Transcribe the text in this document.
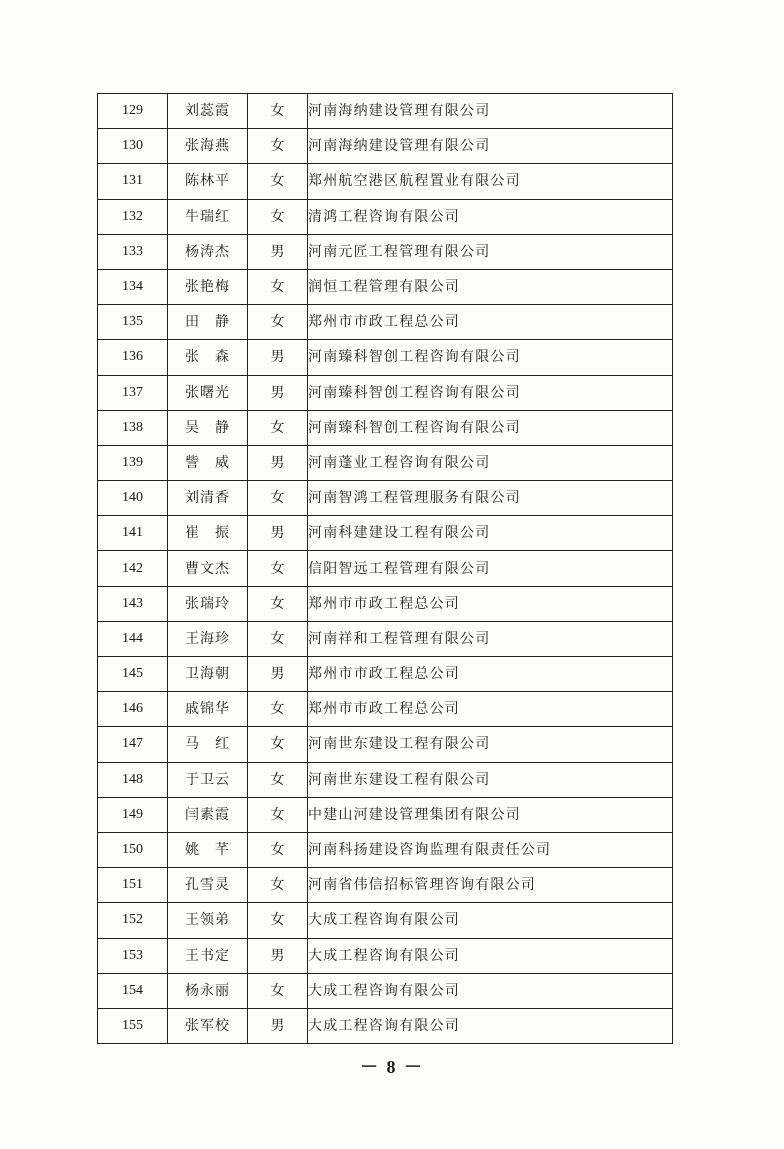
129	刘蕊霞	女	河南海纳建设管理有限公司
130	张海燕	女	河南海纳建设管理有限公司
131	陈林平	女	郑州航空港区航程置业有限公司
132	牛瑞红	女	清鸿工程咨询有限公司
133	杨涛杰	男	河南元匠工程管理有限公司
134	张艳梅	女	润恒工程管理有限公司
135	田　静	女	郑州市市政工程总公司
136	张　森	男	河南臻科智创工程咨询有限公司
137	张曙光	男	河南臻科智创工程咨询有限公司
138	吴　静	女	河南臻科智创工程咨询有限公司
139	訾　威	男	河南蓬业工程咨询有限公司
140	刘清香	女	河南智鸿工程管理服务有限公司
141	崔　振	男	河南科建建设工程有限公司
142	曹文杰	女	信阳智远工程管理有限公司
143	张瑞玲	女	郑州市市政工程总公司
144	王海珍	女	河南祥和工程管理有限公司
145	卫海朝	男	郑州市市政工程总公司
146	戚锦华	女	郑州市市政工程总公司
147	马　红	女	河南世东建设工程有限公司
148	于卫云	女	河南世东建设工程有限公司
149	闫素霞	女	中建山河建设管理集团有限公司
150	姚　芊	女	河南科扬建设咨询监理有限责任公司
151	孔雪灵	女	河南省伟信招标管理咨询有限公司
152	王领弟	女	大成工程咨询有限公司
153	王书定	男	大成工程咨询有限公司
154	杨永丽	女	大成工程咨询有限公司
155	张军校	男	大成工程咨询有限公司
－ 8 －
